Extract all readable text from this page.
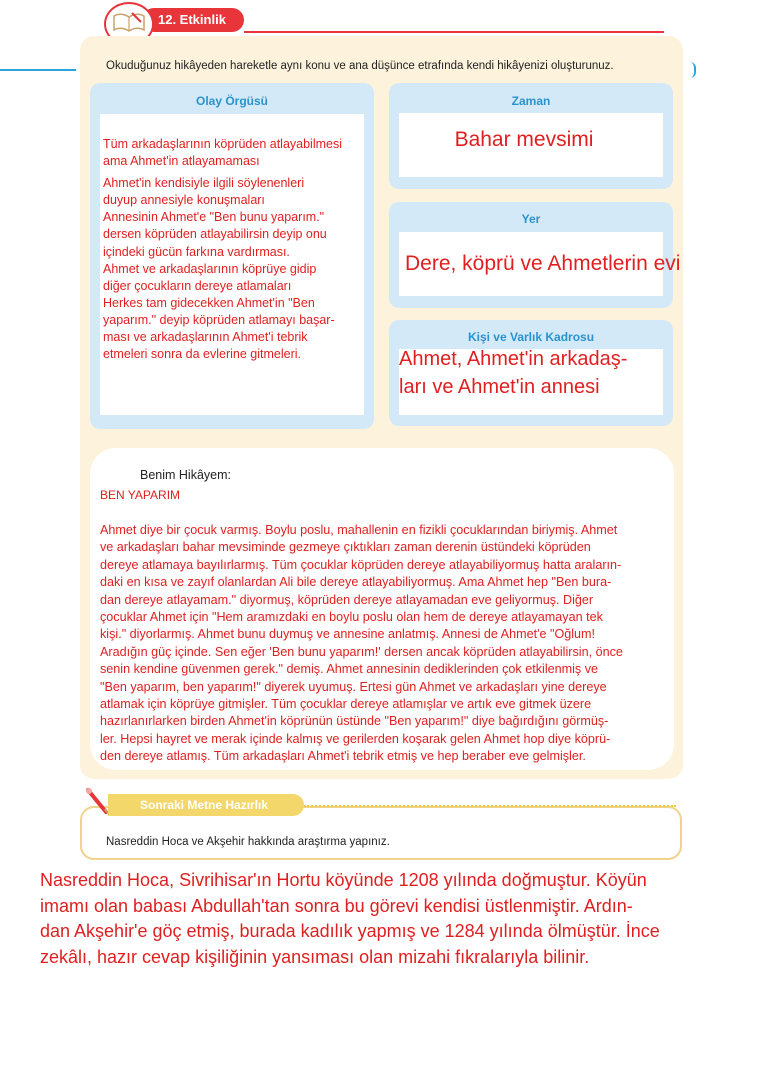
12. Etkinlik
Okuduğunuz hikâyeden hareketle aynı konu ve ana düşünce etrafında kendi hikâyenizi oluşturunuz.
Olay Örgüsü
Tüm arkadaşlarının köprüden atlayabilmesi
ama Ahmet'in atlayamaması
Ahmet'in kendisiyle ilgili söylenenleri
duyup annesiyle konuşmaları
Annesinin Ahmet'e "Ben bunu yaparım."
dersen köprüden atlayabilirsin deyip onu
içindeki gücün farkına vardırması.
Ahmet ve arkadaşlarının köprüye gidip
diğer çocukların dereye atlamaları
Herkes tam gidecekken Ahmet'in "Ben
yaparım." deyip köprüden atlamayı başar-
ması ve arkadaşlarının Ahmet'i tebrik
etmeleri sonra da evlerine gitmeleri.
Zaman
Bahar mevsimi
Yer
Dere, köprü ve Ahmetlerin evi
Kişi ve Varlık Kadrosu
Ahmet, Ahmet'in arkadaş-
ları ve Ahmet'in annesi
Benim Hikâyem:
BEN YAPARIM
Ahmet diye bir çocuk varmış. Boylu poslu, mahallenin en fizikli çocuklarından biriymiş. Ahmet
ve arkadaşları bahar mevsiminde gezmeye çıktıkları zaman derenin üstündeki köprüden
dereye atlamaya bayılırlarmış. Tüm çocuklar köprüden dereye atlayabiliyormuş hatta araların-
daki en kısa ve zayıf olanlardan Ali bile dereye atlayabiliyormuş. Ama Ahmet hep "Ben bura-
dan dereye atlayamam." diyormuş, köprüden dereye atlayamadan eve geliyormuş. Diğer
çocuklar Ahmet için "Hem aramızdaki en boylu poslu olan hem de dereye atlayamayan tek
kişi." diyorlarmış. Ahmet bunu duymuş ve annesine anlatmış. Annesi de Ahmet'e "Oğlum!
Aradığın güç içinde. Sen eğer 'Ben bunu yaparım!' dersen ancak köprüden atlayabilirsin, önce
senin kendine güvenmen gerek." demiş. Ahmet annesinin dediklerinden çok etkilenmiş ve
"Ben yaparım, ben yaparım!" diyerek uyumuş. Ertesi gün Ahmet ve arkadaşları yine dereye
atlamak için köprüye gitmişler. Tüm çocuklar dereye atlamışlar ve artık eve gitmek üzere
hazırlanırlarken birden Ahmet'in köprünün üstünde "Ben yaparım!" diye bağırdığını görmüş-
ler. Hepsi hayret ve merak içinde kalmış ve gerilerden koşarak gelen Ahmet hop diye köprü-
den dereye atlamış. Tüm arkadaşları Ahmet'i tebrik etmiş ve hep beraber eve gelmişler.
Sonraki Metne Hazırlık
Nasreddin Hoca ve Akşehir hakkında araştırma yapınız.
Nasreddin Hoca, Sivrihisar'ın Hortu köyünde 1208 yılında doğmuştur. Köyün
imamı olan babası Abdullah'tan sonra bu görevi kendisi üstlenmiştir. Ardın-
dan Akşehir'e göç etmiş, burada kadılık yapmış ve 1284 yılında ölmüştür. İnce
zekâlı, hazır cevap kişiliğinin yansıması olan mizahi fıkralarıyla bilinir.
